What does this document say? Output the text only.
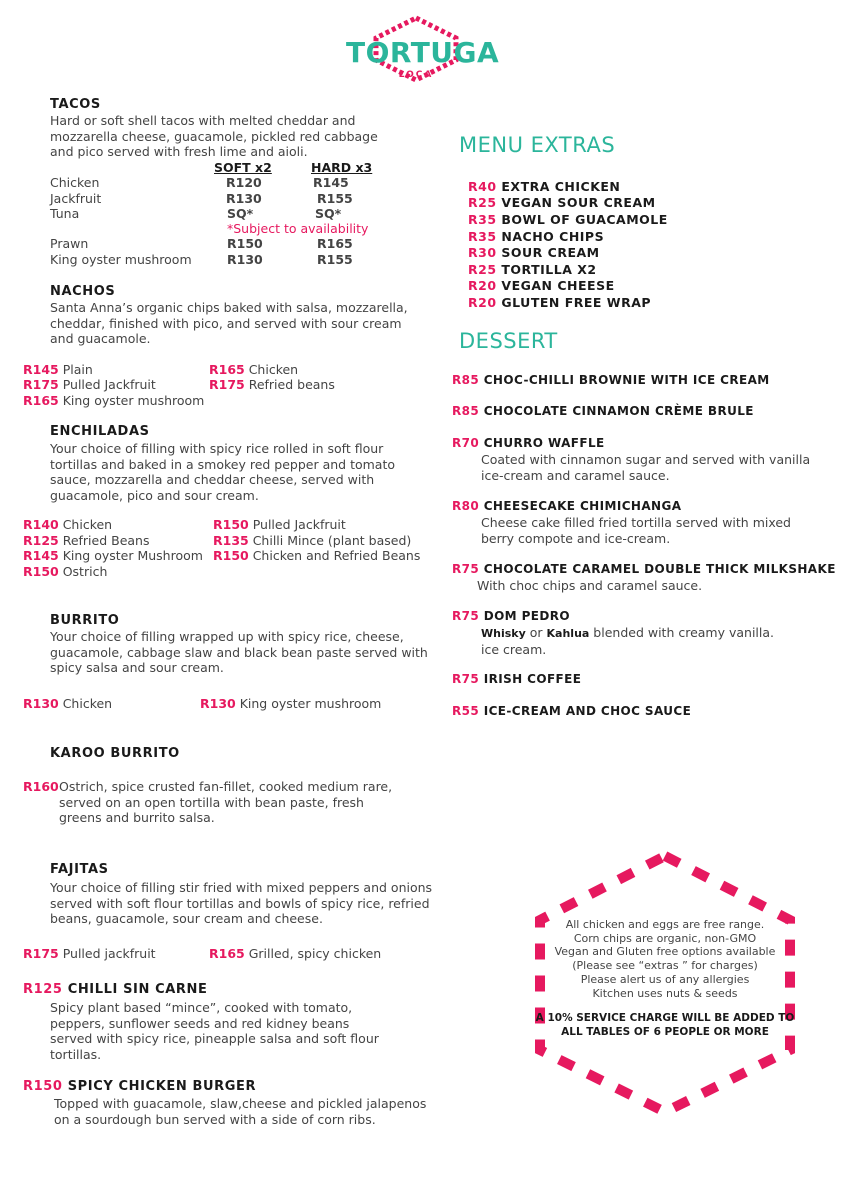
TORTUGA
LOCA
TACOS
Hard or soft shell tacos with melted cheddar and mozzarella cheese, guacamole, pickled red cabbage and pico served with fresh lime and aioli.
SOFT x2	HARD x3
Chicken	R120	R145
Jackfruit	R130	R155
Tuna	SQ*	SQ*
*Subject to availability
Prawn	R150	R165
King oyster mushroom	R130	R155
NACHOS
Santa Anna’s organic chips baked with salsa, mozzarella, cheddar, finished with pico, and served with sour cream and guacamole.
R145 Plain	R165 Chicken
R175 Pulled Jackfruit	R175 Refried beans
R165 King oyster mushroom
ENCHILADAS
Your choice of filling with spicy rice rolled in soft flour tortillas and baked in a smokey red pepper and tomato sauce, mozzarella and cheddar cheese, served with guacamole, pico and sour cream.
R140 Chicken	R150 Pulled Jackfruit
R125 Refried Beans	R135 Chilli Mince (plant based)
R145 King oyster Mushroom R150 Chicken and Refried Beans
R150 Ostrich
BURRITO
Your choice of filling wrapped up with spicy rice, cheese, guacamole, cabbage slaw and black bean paste served with spicy salsa and sour cream.
R130 Chicken	R130 King oyster mushroom
KAROO BURRITO
R160 Ostrich, spice crusted fan-fillet, cooked medium rare, served on an open tortilla with bean paste, fresh greens and burrito salsa.
FAJITAS
Your choice of filling stir fried with mixed peppers and onions served with soft flour tortillas and bowls of spicy rice, refried beans, guacamole, sour cream and cheese.
R175 Pulled jackfruit	R165 Grilled, spicy chicken
R125 CHILLI SIN CARNE
Spicy plant based “mince”, cooked with tomato, peppers, sunflower seeds and red kidney beans served with spicy rice, pineapple salsa and soft flour tortillas.
R150 SPICY CHICKEN BURGER
Topped with guacamole, slaw,cheese and pickled jalapenos on a sourdough bun served with a side of corn ribs.
MENU EXTRAS
R40 EXTRA CHICKEN
R25 VEGAN SOUR CREAM
R35 BOWL OF GUACAMOLE
R35 NACHO CHIPS
R30 SOUR CREAM
R25 TORTILLA X2
R20 VEGAN CHEESE
R20 GLUTEN FREE WRAP
DESSERT
R85 CHOC-CHILLI BROWNIE WITH ICE CREAM
R85 CHOCOLATE CINNAMON CRÈME BRULE
R70 CHURRO WAFFLE
Coated with cinnamon sugar and served with vanilla ice-cream and caramel sauce.
R80 CHEESECAKE CHIMICHANGA
Cheese cake filled fried tortilla served with mixed berry compote and ice-cream.
R75 CHOCOLATE CARAMEL DOUBLE THICK MILKSHAKE
With choc chips and caramel sauce.
R75 DOM PEDRO
Whisky or Kahlua blended with creamy vanilla. ice cream.
R75 IRISH COFFEE
R55 ICE-CREAM AND CHOC SAUCE
All chicken and eggs are free range.
Corn chips are organic, non-GMO
Vegan and Gluten free options available
(Please see “extras ” for charges)
Please alert us of any allergies
Kitchen uses nuts & seeds
A 10% SERVICE CHARGE WILL BE ADDED TO ALL TABLES OF 6 PEOPLE OR MORE
